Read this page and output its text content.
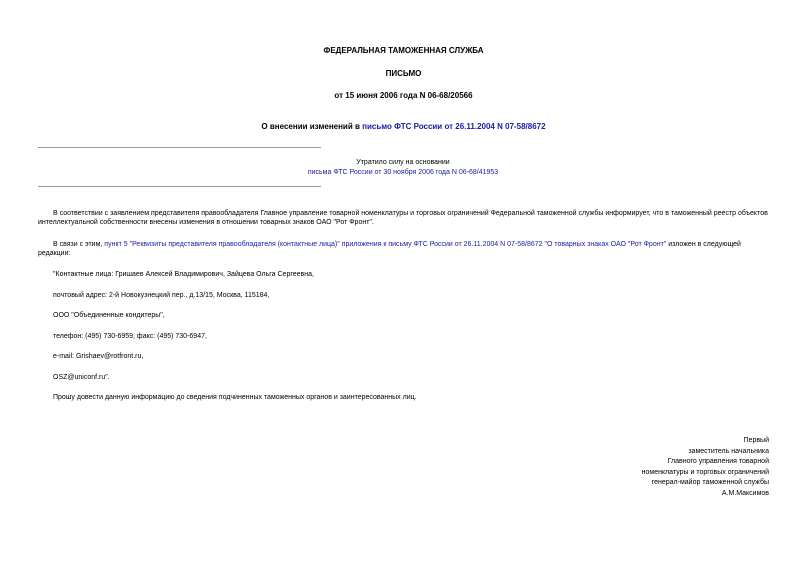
ФЕДЕРАЛЬНАЯ ТАМОЖЕННАЯ СЛУЖБА
ПИСЬМО
от 15 июня 2006 года N 06-68/20566
О внесении изменений в письмо ФТС России от 26.11.2004 N 07-58/8672
Утратило силу на основании
письма ФТС России от 30 ноября 2006 года N 06-68/41953
В соответствии с заявлением представителя правообладателя Главное управление товарной номенклатуры и торговых ограничений Федеральной таможенной службы информирует, что в таможенный реестр объектов интеллектуальной собственности внесены изменения в отношении товарных знаков ОАО "Рот Фронт".
В связи с этим, пункт 5 "Реквизиты представителя правообладателя (контактные лица)" приложения к письму ФТС России от 26.11.2004 N 07-58/8672 "О товарных знаках ОАО "Рот Фронт" изложен в следующей редакции:
"Контактные лица: Гришаев Алексей Владимирович, Зайцева Ольга Сергеевна,
почтовый адрес: 2-й Новокузнецкий пер., д.13/15, Москва, 115184,
ООО "Объединенные кондитеры",
телефон: (495) 730-6959, факс: (495) 730-6947,
e-mail: Grishaev@rotfront.ru,
OSZ@uniconf.ru".
Прошу довести данную информацию до сведения подчиненных таможенных органов и заинтересованных лиц.
Первый
заместитель начальника
Главного управления товарной
номенклатуры и торговых ограничений
генерал-майор таможенной службы
А.М.Максимов
